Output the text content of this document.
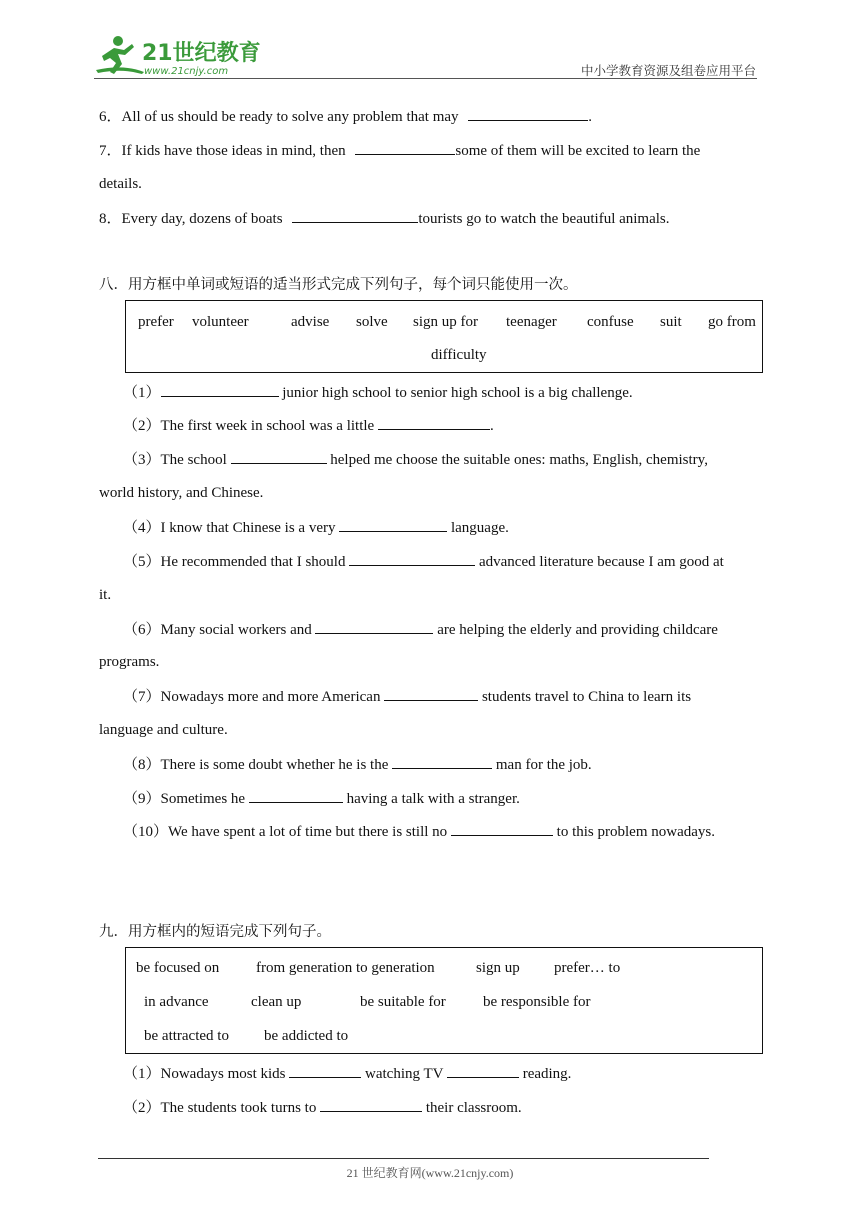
21世纪教育
www.21cnjy.com	中小学教育资源及组卷应用平台
6．All of us should be ready to solve any problem that may	.
7．If kids have those ideas in mind, then	some of them will be excited to learn the
details.
8．Every day, dozens of boats	tourists go to watch the beautiful animals.
八．用方框中单词或短语的适当形式完成下列句子，每个词只能使用一次。
prefer volunteer	advise solve sign up for teenager confuse suit go from
difficulty
（1）	junior high school to senior high school is a big challenge.
（2）The first week in school was a little	.
（3）The school	helped me choose the suitable ones: maths, English, chemistry,
world history, and Chinese.
（4）I know that Chinese is a very	language.
（5）He recommended that I should	advanced literature because I am good at
it.
（6）Many social workers and	are helping the elderly and providing childcare
programs.
（7）Nowadays more and more American	students travel to China to learn its
language and culture.
（8）There is some doubt whether he is the	man for the job.
（9）Sometimes he	having a talk with a stranger.
（10）We have spent a lot of time but there is still no	to this problem nowadays.
九．用方框内的短语完成下列句子。
be focused on from generation to generation	sign up prefer… to
in advance	clean up	be suitable for be responsible for
be attracted to be addicted to
（1）Nowadays most kids	watching TV	reading.
（2）The students took turns to	their classroom.
21 世纪教育网(www.21cnjy.com)
